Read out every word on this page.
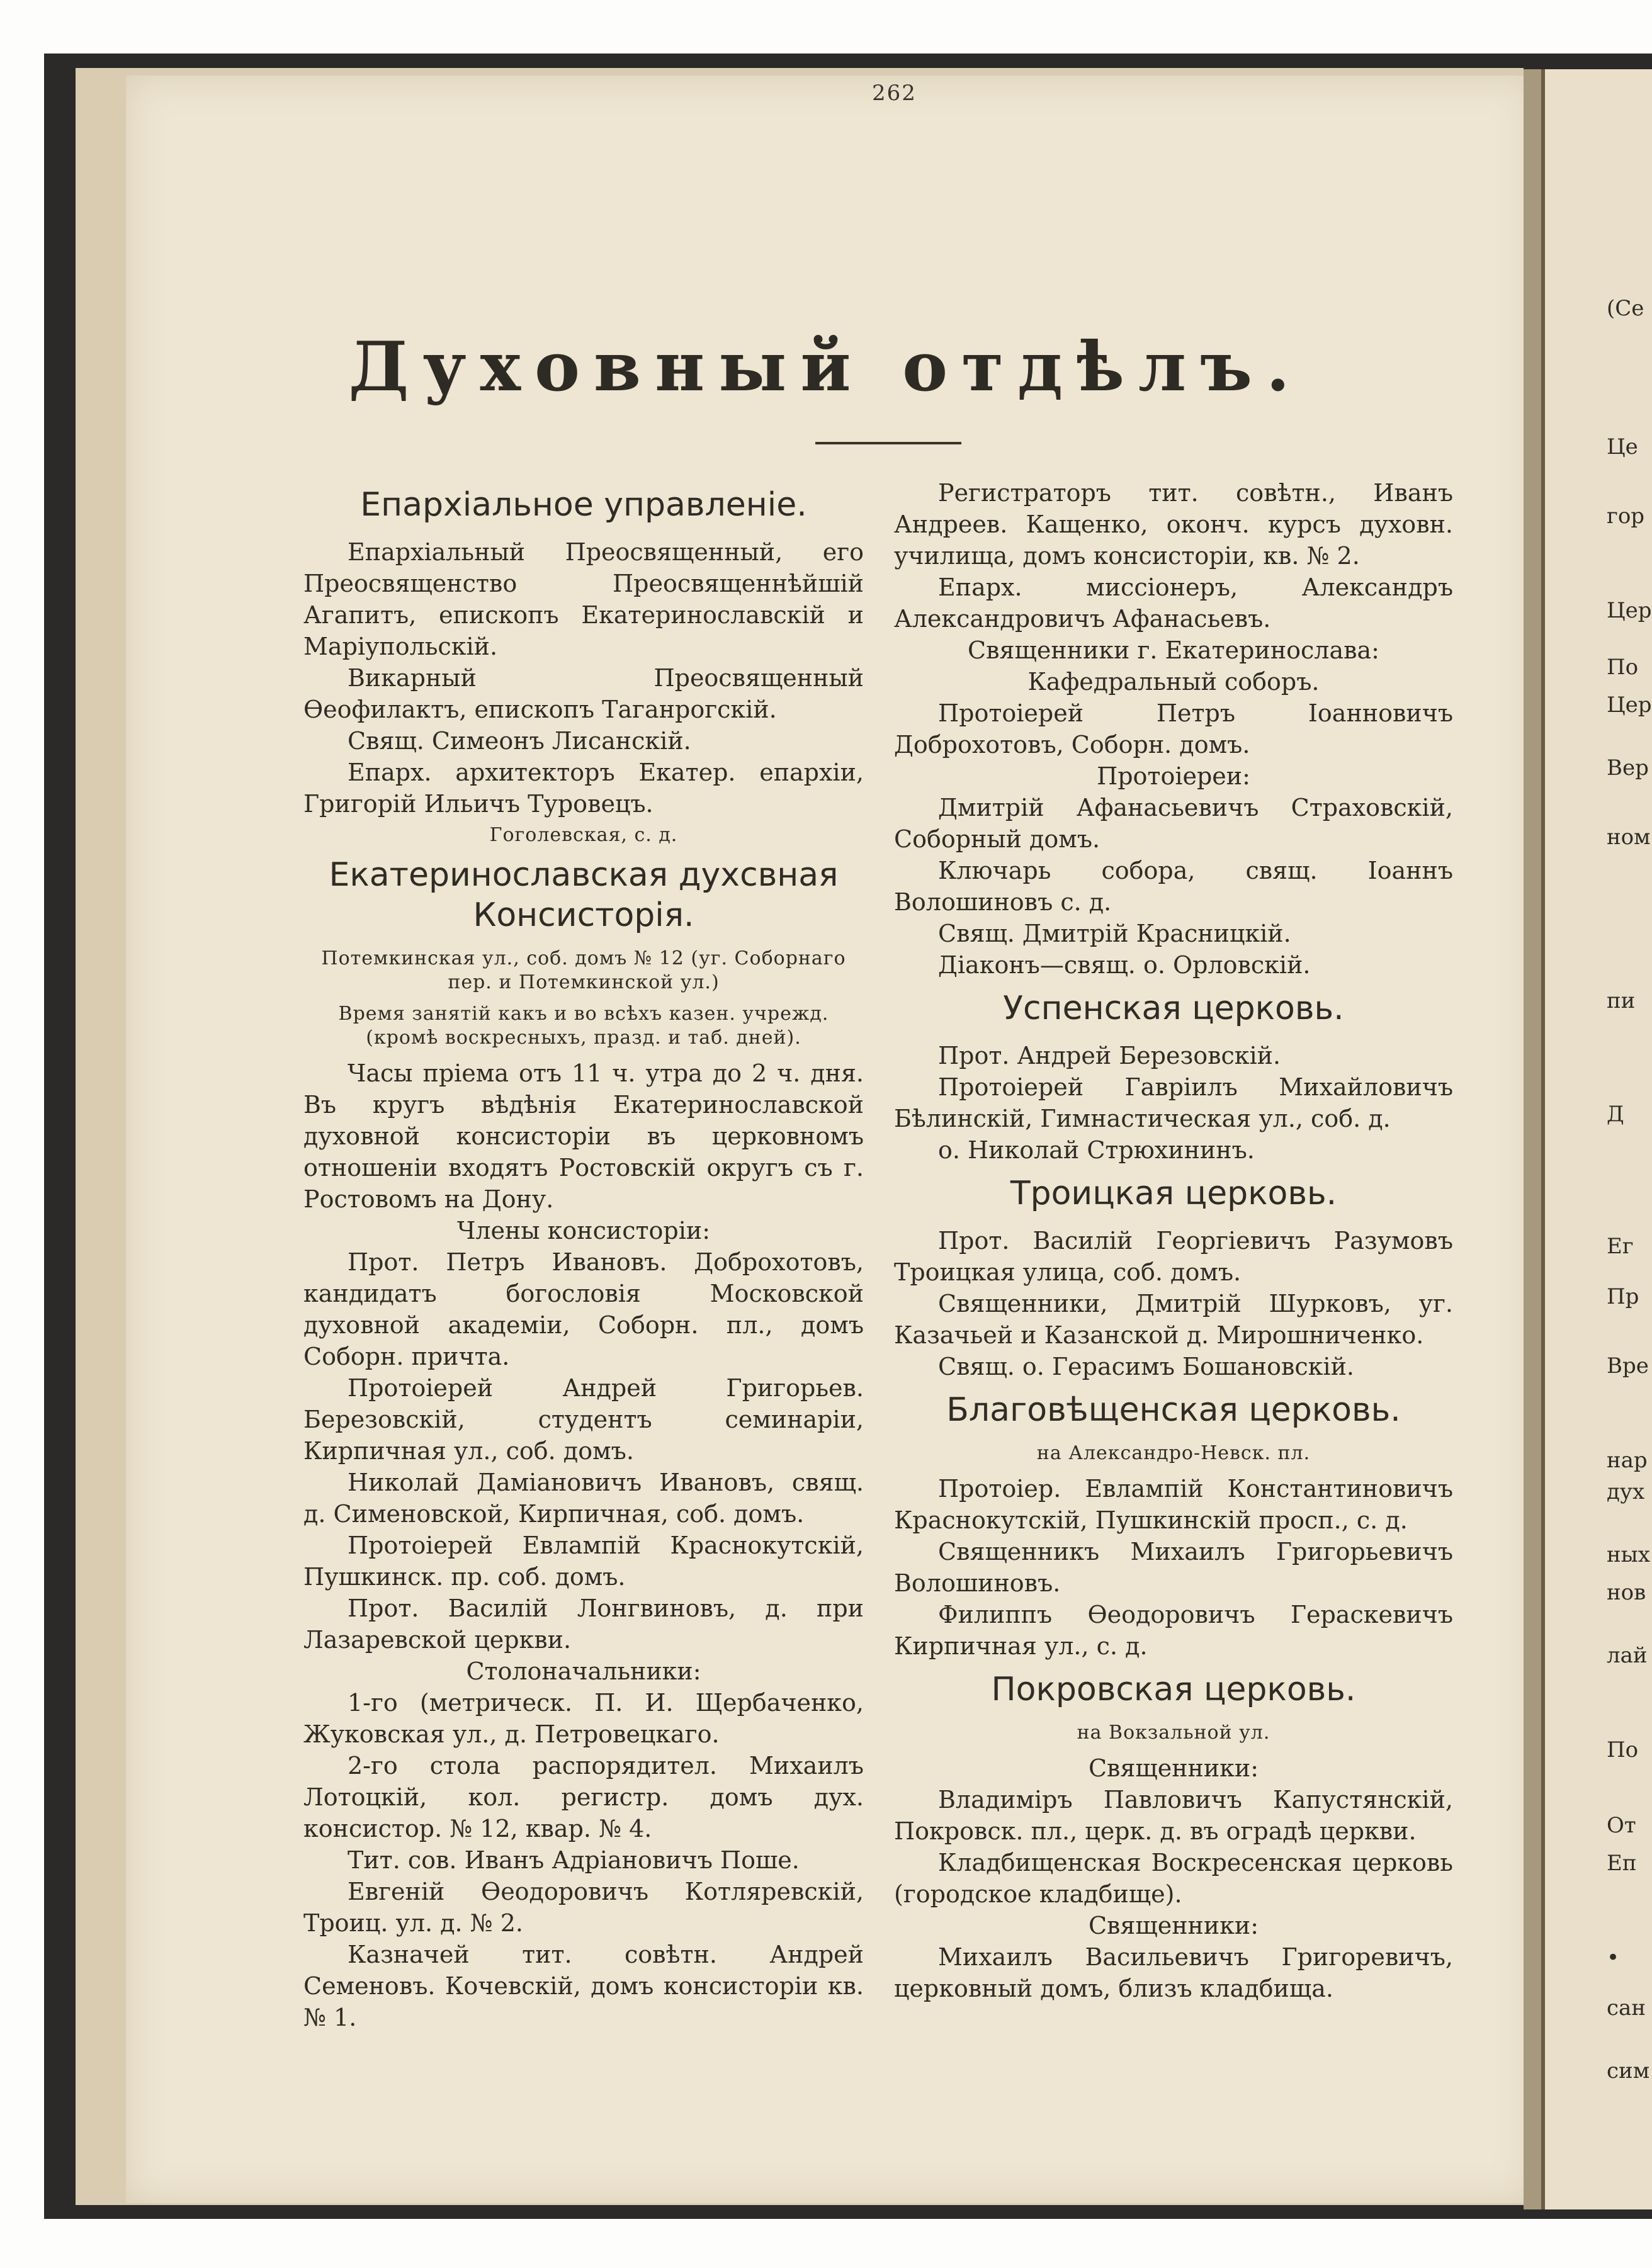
262
Духовный отдѣлъ.
Епархіальное управленіе.
Епархіальный Преосвященный, его Преосвященство Преосвященнѣйшій Агапитъ, епископъ Екатеринославскій и Маріупольскій.
Викарный Преосвященный Ѳеофилактъ, епископъ Таганрогскій.
Свящ. Симеонъ Лисанскій.
Епарх. архитекторъ Екатер. епархіи, Григорій Ильичъ Туровецъ.
Гоголевская, с. д.
Екатеринославская духсвная Консисторія.
Потемкинская ул., соб. домъ № 12 (уг. Соборнаго пер. и Потемкинской ул.)
Время занятій какъ и во всѣхъ казен. учрежд. (кромѣ воскресныхъ, празд. и таб. дней).
Часы пріема отъ 11 ч. утра до 2 ч. дня. Въ кругъ вѣдѣнія Екатеринославской духовной консисторіи въ церковномъ отношеніи входятъ Ростовскій округъ съ г. Ростовомъ на Дону.
Члены консисторіи:
Прот. Петръ Ивановъ. Доброхотовъ, кандидатъ богословія Московской духовной академіи, Соборн. пл., домъ Соборн. причта.
Протоіерей Андрей Григорьев. Березовскій, студентъ семинаріи, Кирпичная ул., соб. домъ.
Николай Даміановичъ Ивановъ, свящ. д. Сименовской, Кирпичная, соб. домъ.
Протоіерей Евлампій Краснокутскій, Пушкинск. пр. соб. домъ.
Прот. Василій Лонгвиновъ, д. при Лазаревской церкви.
Столоначальники:
1-го (метрическ. П. И. Щербаченко, Жуковская ул., д. Петровецкаго.
2-го стола распорядител. Михаилъ Лотоцкій, кол. регистр. домъ дух. консистор. № 12, квар. № 4.
Тит. сов. Иванъ Адріановичъ Поше.
Евгеній Ѳеодоровичъ Котляревскій, Троиц. ул. д. № 2.
Казначей тит. совѣтн. Андрей Семеновъ. Кочевскій, домъ консисторіи кв. № 1.
Регистраторъ тит. совѣтн., Иванъ Андреев. Кащенко, оконч. курсъ духовн. училища, домъ консисторіи, кв. № 2.
Епарх. миссіонеръ, Александръ Александровичъ Афанасьевъ.
Священники г. Екатеринослава:
Кафедральный соборъ.
Протоіерей Петръ Іоанновичъ Доброхотовъ, Соборн. домъ.
Протоіереи:
Дмитрій Афанасьевичъ Страховскій, Соборный домъ.
Ключарь собора, свящ. Іоаннъ Волошиновъ с. д.
Свящ. Дмитрій Красницкій.
Діаконъ—свящ. о. Орловскій.
Успенская церковь.
Прот. Андрей Березовскій.
Протоіерей Гавріилъ Михайловичъ Бѣлинскій, Гимнастическая ул., соб. д.
о. Николай Стрюхининъ.
Троицкая церковь.
Прот. Василій Георгіевичъ Разумовъ Троицкая улица, соб. домъ.
Священники, Дмитрій Шурковъ, уг. Казачьей и Казанской д. Мирошниченко.
Свящ. о. Герасимъ Бошановскій.
Благовѣщенская церковь.
на Александро-Невск. пл.
Протоіер. Евлампій Константиновичъ Краснокутскій, Пушкинскій просп., с. д.
Священникъ Михаилъ Григорьевичъ Волошиновъ.
Филиппъ Ѳеодоровичъ Гераскевичъ Кирпичная ул., с. д.
Покровская церковь.
на Вокзальной ул.
Священники:
Владиміръ Павловичъ Капустянскій, Покровск. пл., церк. д. въ оградѣ церкви.
Кладбищенская Воскресенская церковь (городское кладбище).
Священники:
Михаилъ Васильевичъ Григоревичъ, церковный домъ, близъ кладбища.
(Се
Це
гор
Цер
По
Цер
Вер
ном
пи
Д
Ег
Пр
Вре
нар
дух
ных
нов
лай
По
От
Еп
•
сан
сим
